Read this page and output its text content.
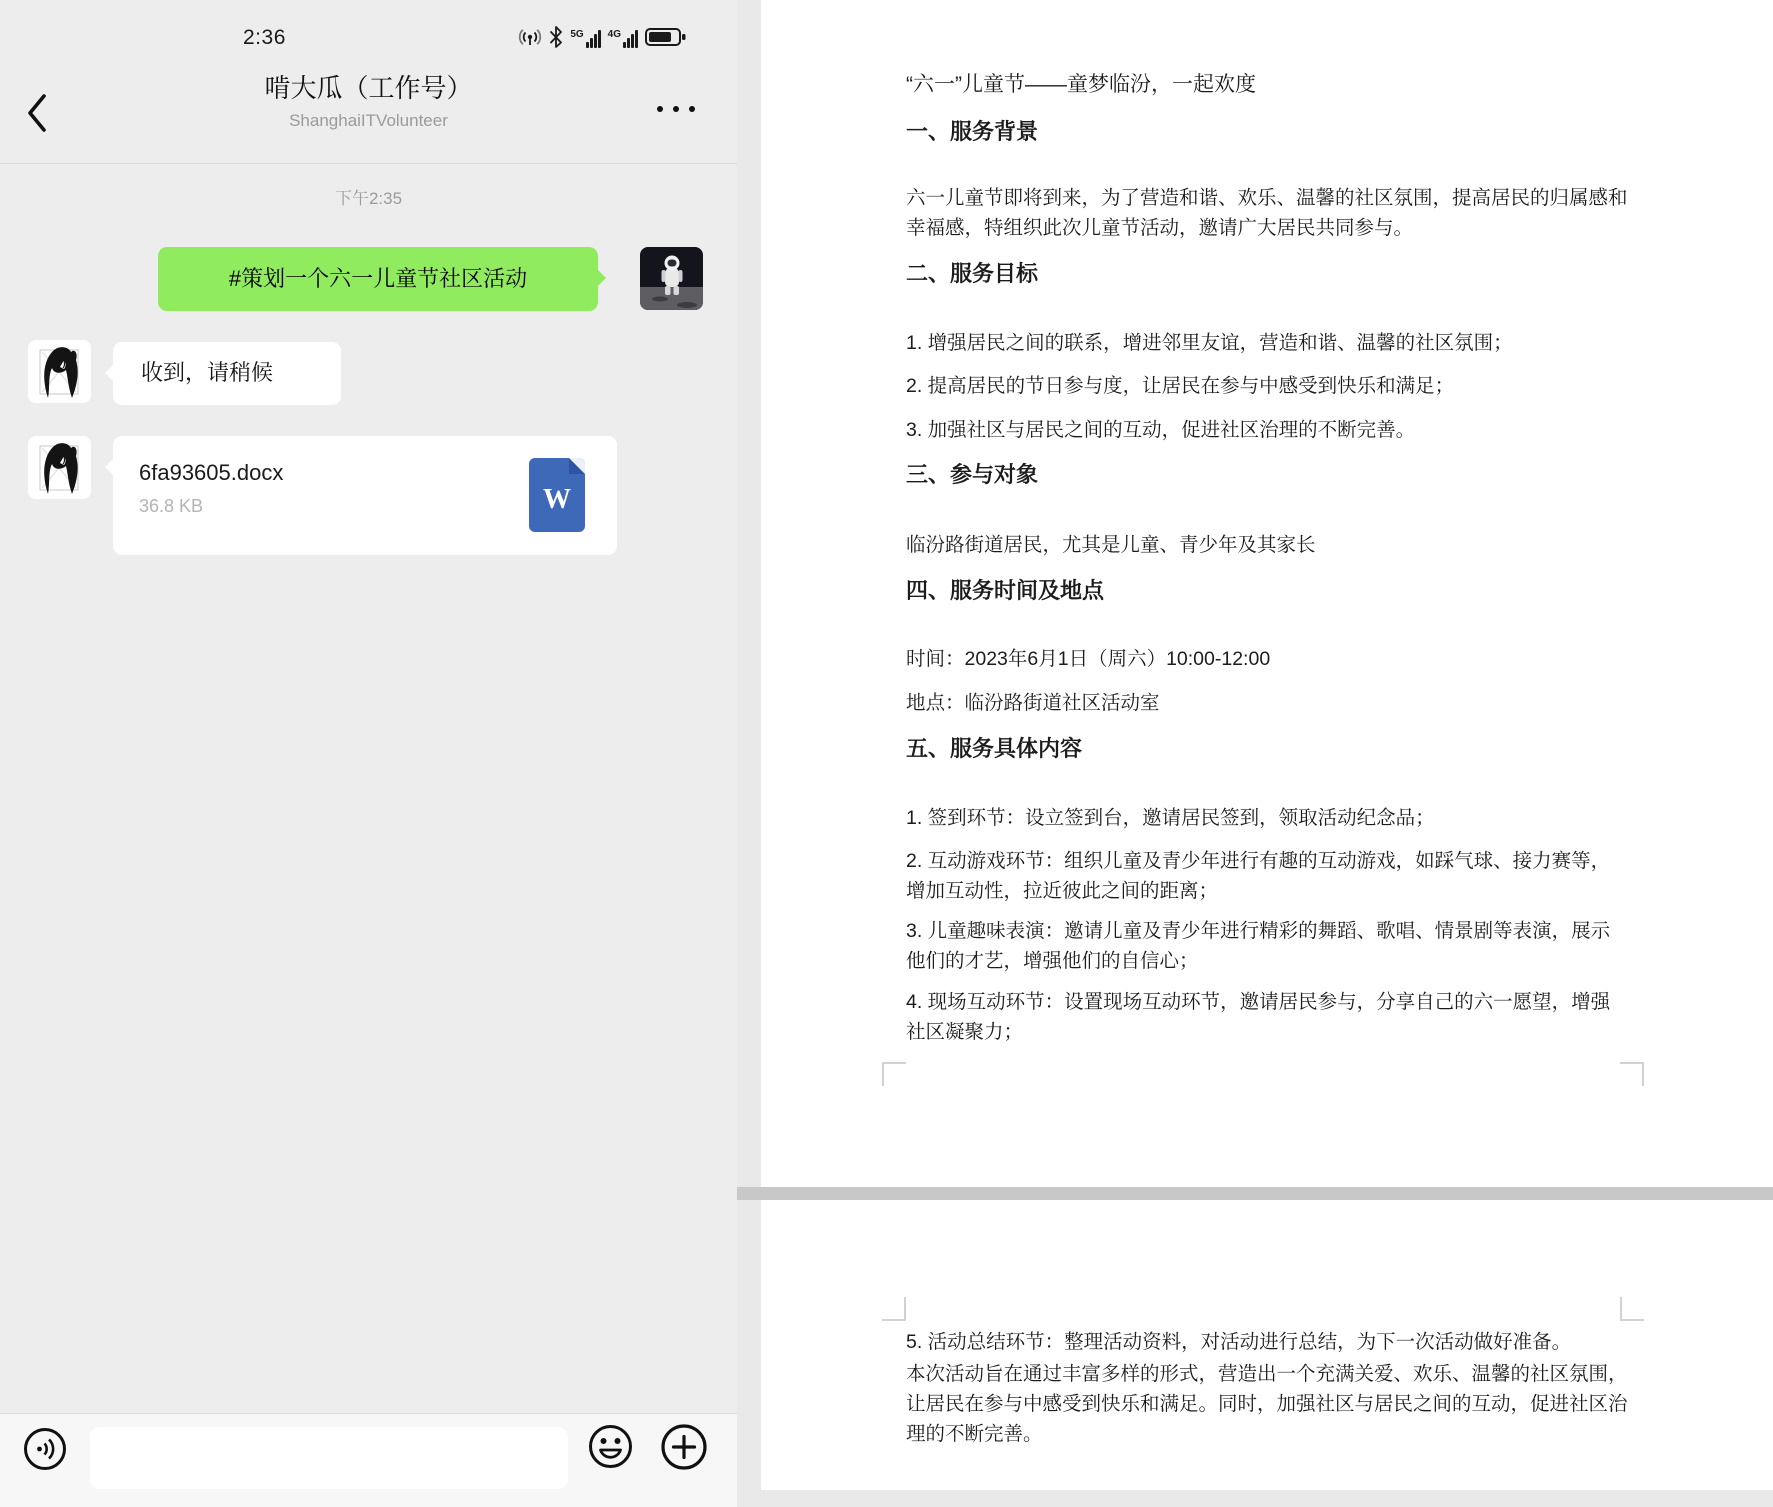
2:36	5G 4G
啃大瓜（工作号）
ShanghaiITVolunteer
下午2:35
#策划一个六一儿童节社区活动
收到，请稍候
6fa93605.docx
36.8 KB	W
“六一”儿童节——童梦临汾，一起欢度
一、服务背景
六一儿童节即将到来，为了营造和谐、欢乐、温馨的社区氛围，提高居民的归属感和幸福感，特组织此次儿童节活动，邀请广大居民共同参与。
二、服务目标
1. 增强居民之间的联系，增进邻里友谊，营造和谐、温馨的社区氛围；
2. 提高居民的节日参与度，让居民在参与中感受到快乐和满足；
3. 加强社区与居民之间的互动，促进社区治理的不断完善。
三、参与对象
临汾路街道居民，尤其是儿童、青少年及其家长
四、服务时间及地点
时间：2023年6月1日（周六）10:00-12:00
地点：临汾路街道社区活动室
五、服务具体内容
1. 签到环节：设立签到台，邀请居民签到，领取活动纪念品；
2. 互动游戏环节：组织儿童及青少年进行有趣的互动游戏，如踩气球、接力赛等，增加互动性，拉近彼此之间的距离；
3. 儿童趣味表演：邀请儿童及青少年进行精彩的舞蹈、歌唱、情景剧等表演，展示他们的才艺，增强他们的自信心；
4. 现场互动环节：设置现场互动环节，邀请居民参与，分享自己的六一愿望，增强社区凝聚力；
5. 活动总结环节：整理活动资料，对活动进行总结，为下一次活动做好准备。
本次活动旨在通过丰富多样的形式，营造出一个充满关爱、欢乐、温馨的社区氛围，让居民在参与中感受到快乐和满足。同时，加强社区与居民之间的互动，促进社区治理的不断完善。
